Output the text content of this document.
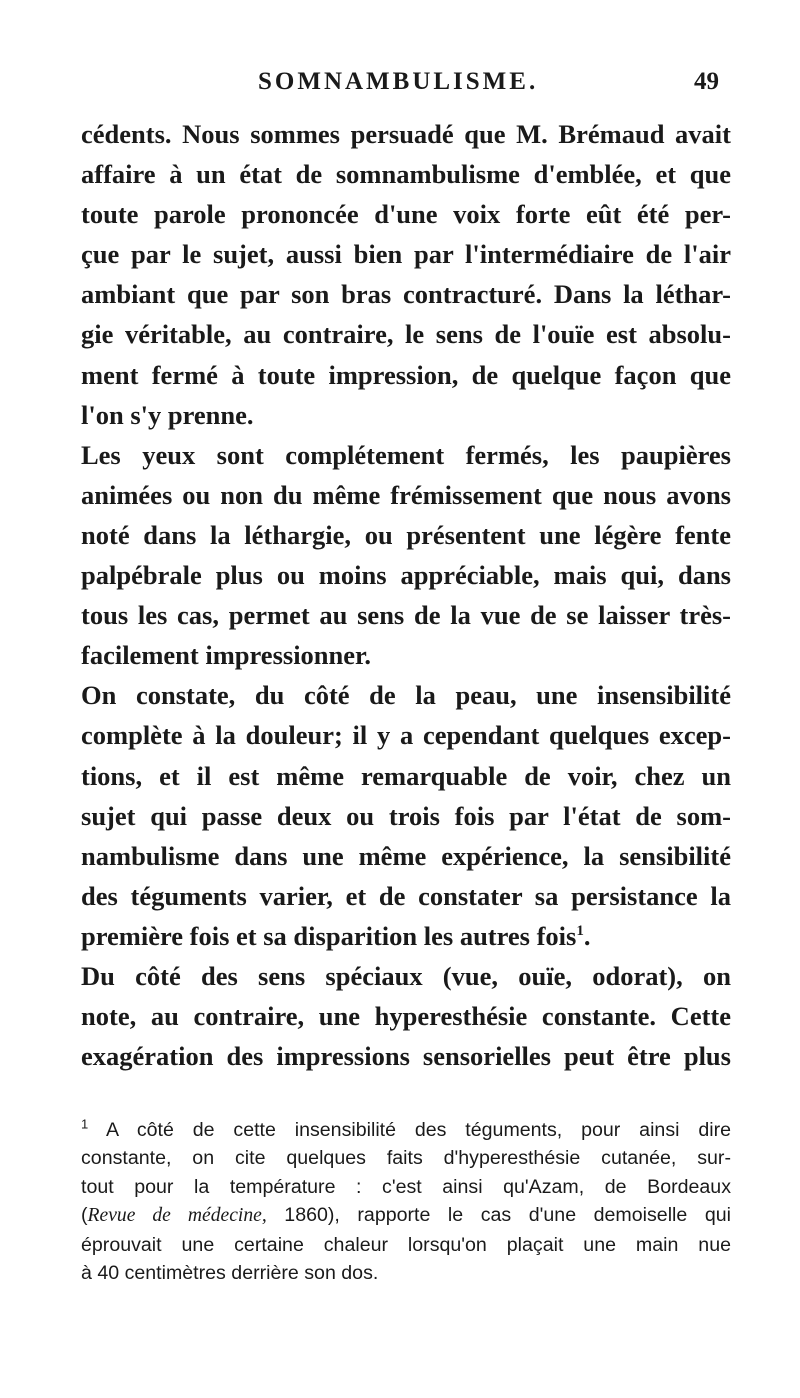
SOMNAMBULISME.	49

cédents. Nous sommes persuadé que M. Brémaud avait

affaire à un état de somnambulisme d'emblée, et que

toute parole prononcée d'une voix forte eût été per-

çue par le sujet, aussi bien par l'intermédiaire de l'air

ambiant que par son bras contracturé. Dans la léthar-

gie véritable, au contraire, le sens de l'ouïe est absolu-

ment fermé à toute impression, de quelque façon que

l'on s'y prenne.

Les yeux sont complétement fermés, les paupières

animées ou non du même frémissement que nous avons

noté dans la léthargie, ou présentent une légère fente

palpébrale plus ou moins appréciable, mais qui, dans

tous les cas, permet au sens de la vue de se laisser très-

facilement impressionner.

On constate, du côté de la peau, une insensibilité

complète à la douleur; il y a cependant quelques excep-

tions, et il est même remarquable de voir, chez un

sujet qui passe deux ou trois fois par l'état de som-

nambulisme dans une même expérience, la sensibilité

des téguments varier, et de constater sa persistance la

première fois et sa disparition les autres fois$^1$.

Du côté des sens spéciaux (vue, ouïe, odorat), on

note, au contraire, une hyperesthésie constante. Cette

exagération des impressions sensorielles peut être plus

$^1$ A côté de cette insensibilité des téguments, pour ainsi dire

constante, on cite quelques faits d'hyperesthésie cutanée, sur-

tout pour la température : c'est ainsi qu'Azam, de Bordeaux

(Revue de médecine, 1860), rapporte le cas d'une demoiselle qui

éprouvait une certaine chaleur lorsqu'on plaçait une main nue

à 40 centimètres derrière son dos.
